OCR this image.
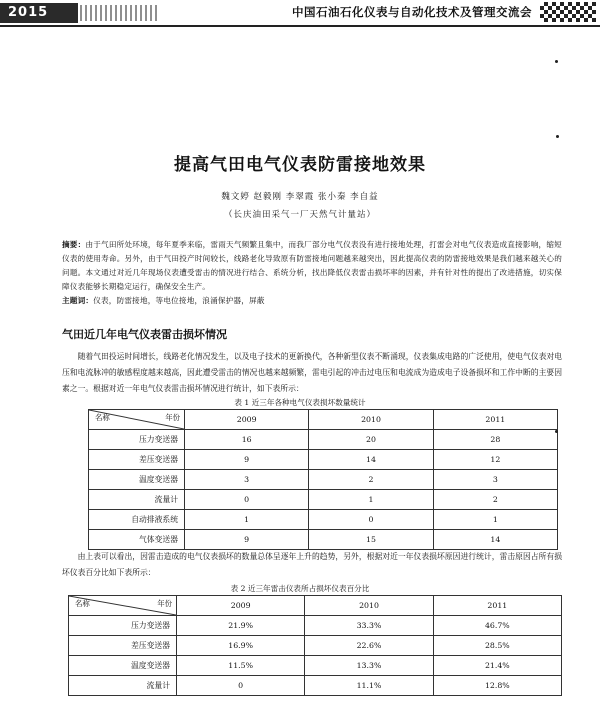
2015	中国石油石化仪表与自动化技术及管理交流会
提高气田电气仪表防雷接地效果
魏文婷 赵毅刚 李翠霞 张小秦 李自益
（长庆油田采气一厂天然气计量站）
摘要：由于气田所处环境，每年夏季来临，雷雨天气频繁且集中，而我厂部分电气仪表没有进行接地处理，打雷会对电气仪表造成直接影响，缩短仪表的使用寿命。另外，由于气田投产时间较长，线路老化导致原有防雷接地问题越来越突出，因此提高仪表的防雷接地效果是我们越来越关心的问题。本文通过对近几年现场仪表遭受雷击的情况进行结合、系统分析，找出降低仪表雷击损坏率的因素，并有针对性的提出了改进措施，切实保障仪表能够长期稳定运行，确保安全生产。
主题词：仪表，防雷接地，等电位接地，浪涌保护器，屏蔽
气田近几年电气仪表雷击损坏情况
随着气田投运时间增长，线路老化情况发生，以及电子技术的更新换代，各种新型仪表不断涌现，仪表集成电路的广泛使用，使电气仪表对电压和电流脉冲的敏感程度越来越高，因此遭受雷击的情况也越来越频繁，雷电引起的冲击过电压和电流成为造成电子设备损坏和工作中断的主要因素之一。根据对近一年电气仪表雷击损坏情况进行统计，如下表所示：
表 1 近三年各种电气仪表损坏数量统计
名称 年份	2009	2010	2011
压力变送器	16	20	28
差压变送器	9	14	12
温度变送器	3	2	3
流量计	0	1	2
自动排液系统	1	0	1
气体变送器	9	15	14
由上表可以看出，因雷击造成的电气仪表损坏的数量总体呈逐年上升的趋势，另外，根据对近一年仪表损坏原因进行统计，雷击原因占所有损坏仪表百分比如下表所示：
表 2 近三年雷击仪表所占损坏仪表百分比
名称 年份	2009	2010	2011
压力变送器	21.9%	33.3%	46.7%
差压变送器	16.9%	22.6%	28.5%
温度变送器	11.5%	13.3%	21.4%
流量计	0	11.1%	12.8%
